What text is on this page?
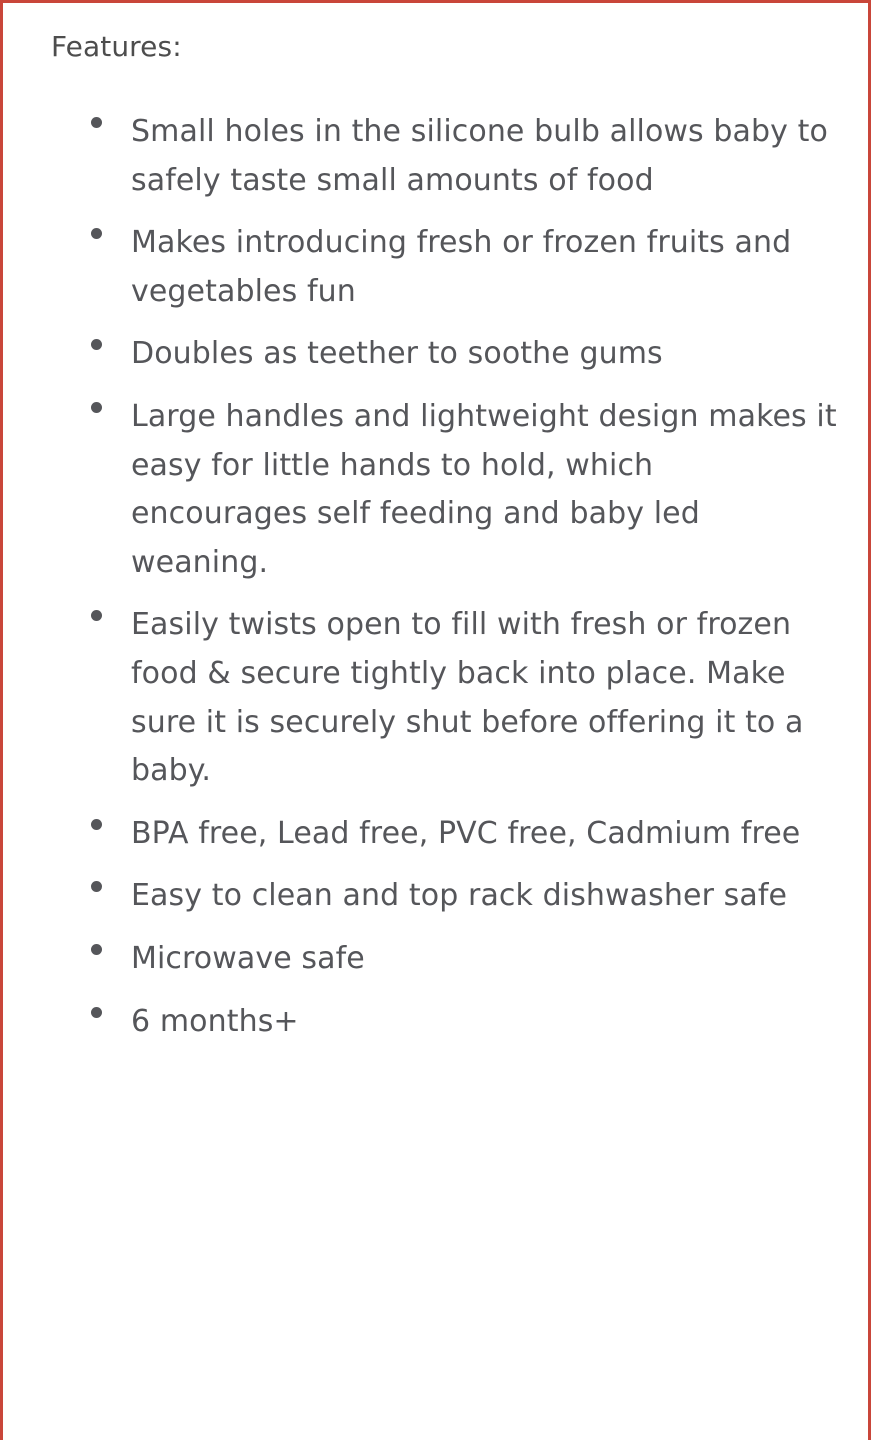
Features:
Small holes in the silicone bulb allows baby to safely taste small amounts of food
Makes introducing fresh or frozen fruits and vegetables fun
Doubles as teether to soothe gums
Large handles and lightweight design makes it easy for little hands to hold, which encourages self feeding and baby led weaning.
Easily twists open to fill with fresh or frozen food & secure tightly back into place. Make sure it is securely shut before offering it to a baby.
BPA free, Lead free, PVC free, Cadmium free
Easy to clean and top rack dishwasher safe
Microwave safe
6 months+
